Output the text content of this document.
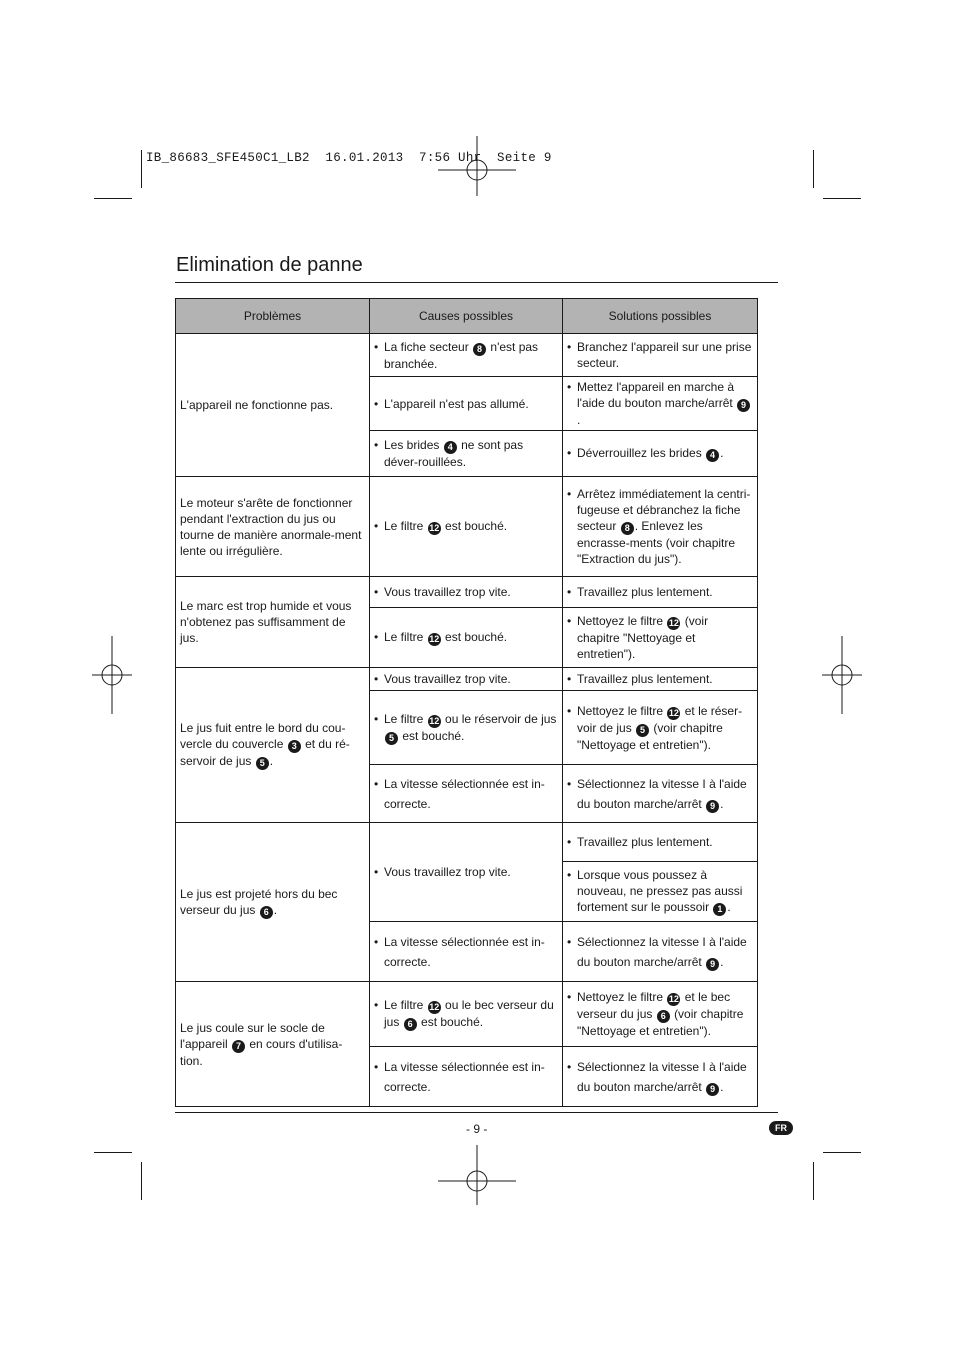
IB_86683_SFE450C1_LB2  16.01.2013  7:56 Uhr  Seite 9
Elimination de panne
Problèmes	Causes possibles	Solutions possibles
L'appareil ne fonctionne pas.	• La fiche secteur 8 n'est pas branchée.	• Branchez l'appareil sur une prise secteur.

	• L'appareil n'est pas allumé.	• Mettez l'appareil en marche à l'aide du bouton marche/arrêt 9.

	• Les brides 4 ne sont pas déver-rouillées.	• Déverrouillez les brides 4 .

Le moteur s'arête de fonctionner pendant l'extraction du jus ou tourne de manière anormale-ment lente ou irrégulière.	• Le filtre 12 est bouché.	• Arrêtez immédiatement la centri-fugeuse et débranchez la fiche secteur 8 . Enlevez les encrasse-ments (voir chapitre "Extraction du jus").

Le marc est trop humide et vous n'obtenez pas suffisamment de jus.	• Vous travaillez trop vite.	• Travaillez plus lentement.

	• Le filtre 12 est bouché.	• Nettoyez le filtre 12 (voir chapitre "Nettoyage et entretien").

Le jus fuit entre le bord du cou-vercle du couvercle 3 et du ré-servoir de jus 5 .	• Vous travaillez trop vite.	• Travaillez plus lentement.

	• Le filtre 12 ou le réservoir de jus 5 est bouché.	• Nettoyez le filtre 12 et le réser-voir de jus 5 (voir chapitre "Nettoyage et entretien").

	• La vitesse sélectionnée est in-correcte.	• Sélectionnez la vitesse I à l'aide du bouton marche/arrêt 9 .

Le jus est projeté hors du bec verseur du jus 6 .	• Vous travaillez trop vite.	• Travaillez plus lentement.

		• Lorsque vous poussez à nouveau, ne pressez pas aussi fortement sur le poussoir 1 .

	• La vitesse sélectionnée est in-correcte.	• Sélectionnez la vitesse I à l'aide du bouton marche/arrêt 9 .

Le jus coule sur le socle de l'appareil 7 en cours d'utilisa-tion.	• Le filtre 12 ou le bec verseur du jus 6 est bouché.	• Nettoyez le filtre 12 et le bec verseur du jus 6 (voir chapitre "Nettoyage et entretien").

	• La vitesse sélectionnée est in-correcte.	• Sélectionnez la vitesse I à l'aide du bouton marche/arrêt 9 .
- 9 -	FR
